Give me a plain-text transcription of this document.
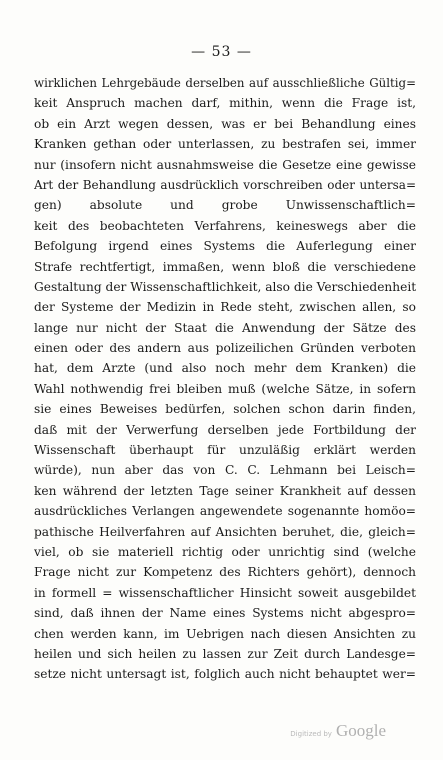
— 53 —
wirklichen Lehrgebäude derselben auf ausschließliche Gültig=
keit Anspruch machen darf, mithin, wenn die Frage ist,
ob ein Arzt wegen dessen, was er bei Behandlung eines
Kranken gethan oder unterlassen, zu bestrafen sei, immer
nur (insofern nicht ausnahmsweise die Gesetze eine gewisse
Art der Behandlung ausdrücklich vorschreiben oder untersa=
gen) absolute und grobe Unwissenschaftlich=
keit des beobachteten Verfahrens, keineswegs aber die
Befolgung irgend eines Systems die Auferlegung einer
Strafe rechtfertigt, immaßen, wenn bloß die verschiedene
Gestaltung der Wissenschaftlichkeit, also die Verschiedenheit
der Systeme der Medizin in Rede steht, zwischen allen, so
lange nur nicht der Staat die Anwendung der Sätze des
einen oder des andern aus polizeilichen Gründen verboten
hat, dem Arzte (und also noch mehr dem Kranken) die
Wahl nothwendig frei bleiben muß (welche Sätze, in sofern
sie eines Beweises bedürfen, solchen schon darin finden,
daß mit der Verwerfung derselben jede Fortbildung der
Wissenschaft überhaupt für unzuläßig erklärt werden
würde), nun aber das von C. C. Lehmann bei Leisch=
ken während der letzten Tage seiner Krankheit auf dessen
ausdrückliches Verlangen angewendete sogenannte homöo=
pathische Heilverfahren auf Ansichten beruhet, die, gleich=
viel, ob sie materiell richtig oder unrichtig sind (welche
Frage nicht zur Kompetenz des Richters gehört), dennoch
in formell = wissenschaftlicher Hinsicht soweit ausgebildet
sind, daß ihnen der Name eines Systems nicht abgespro=
chen werden kann, im Uebrigen nach diesen Ansichten zu
heilen und sich heilen zu lassen zur Zeit durch Landesge=
setze nicht untersagt ist, folglich auch nicht behauptet wer=
Digitized by Google
